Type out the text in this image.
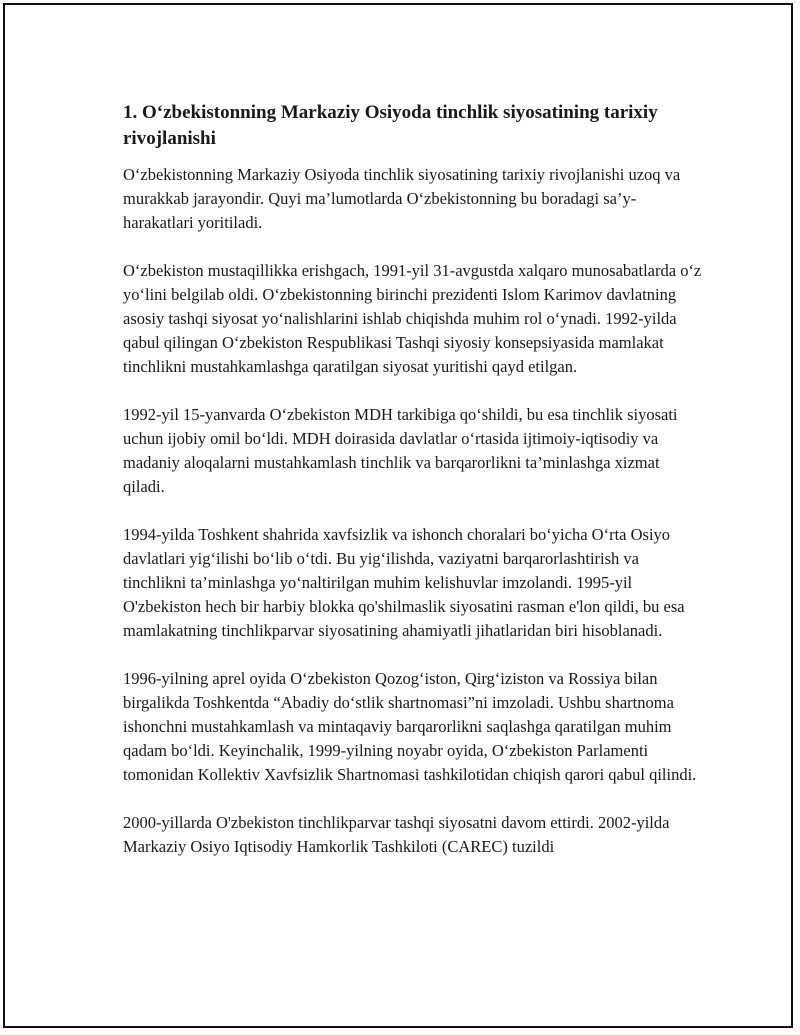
1. O‘zbekistonning Markaziy Osiyoda tinchlik siyosatining tarixiy rivojlanishi

O‘zbekistonning Markaziy Osiyoda tinchlik siyosatining tarixiy rivojlanishi uzoq va murakkab jarayondir. Quyi ma’lumotlarda O‘zbekistonning bu boradagi sa’y-harakatlari yoritiladi.

O‘zbekiston mustaqillikka erishgach, 1991-yil 31-avgustda xalqaro munosabatlarda o‘z yo‘lini belgilab oldi. O‘zbekistonning birinchi prezidenti Islom Karimov davlatning asosiy tashqi siyosat yo‘nalishlarini ishlab chiqishda muhim rol o‘ynadi. 1992-yilda qabul qilingan O‘zbekiston Respublikasi Tashqi siyosiy konsepsiyasida mamlakat tinchlikni mustahkamlashga qaratilgan siyosat yuritishi qayd etilgan.

1992-yil 15-yanvarda O‘zbekiston MDH tarkibiga qo‘shildi, bu esa tinchlik siyosati uchun ijobiy omil bo‘ldi. MDH doirasida davlatlar o‘rtasida ijtimoiy-iqtisodiy va madaniy aloqalarni mustahkamlash tinchlik va barqarorlikni ta’minlashga xizmat qiladi.

1994-yilda Toshkent shahrida xavfsizlik va ishonch choralari bo‘yicha O‘rta Osiyo davlatlari yig‘ilishi bo‘lib o‘tdi. Bu yig‘ilishda, vaziyatni barqarorlashtirish va tinchlikni ta’minlashga yo‘naltirilgan muhim kelishuvlar imzolandi. 1995-yil O'zbekiston hech bir harbiy blokka qo'shilmaslik siyosatini rasman e'lon qildi, bu esa mamlakatning tinchlikparvar siyosatining ahamiyatli jihatlaridan biri hisoblanadi.

1996-yilning aprel oyida O‘zbekiston Qozog‘iston, Qirg‘iziston va Rossiya bilan birgalikda Toshkentda “Abadiy do‘stlik shartnomasi”ni imzoladi. Ushbu shartnoma ishonchni mustahkamlash va mintaqaviy barqarorlikni saqlashga qaratilgan muhim qadam bo‘ldi. Keyinchalik, 1999-yilning noyabr oyida, O‘zbekiston Parlamenti tomonidan Kollektiv Xavfsizlik Shartnomasi tashkilotidan chiqish qarori qabul qilindi.

2000-yillarda O'zbekiston tinchlikparvar tashqi siyosatni davom ettirdi. 2002-yilda Markaziy Osiyo Iqtisodiy Hamkorlik Tashkiloti (CAREC) tuzildi
